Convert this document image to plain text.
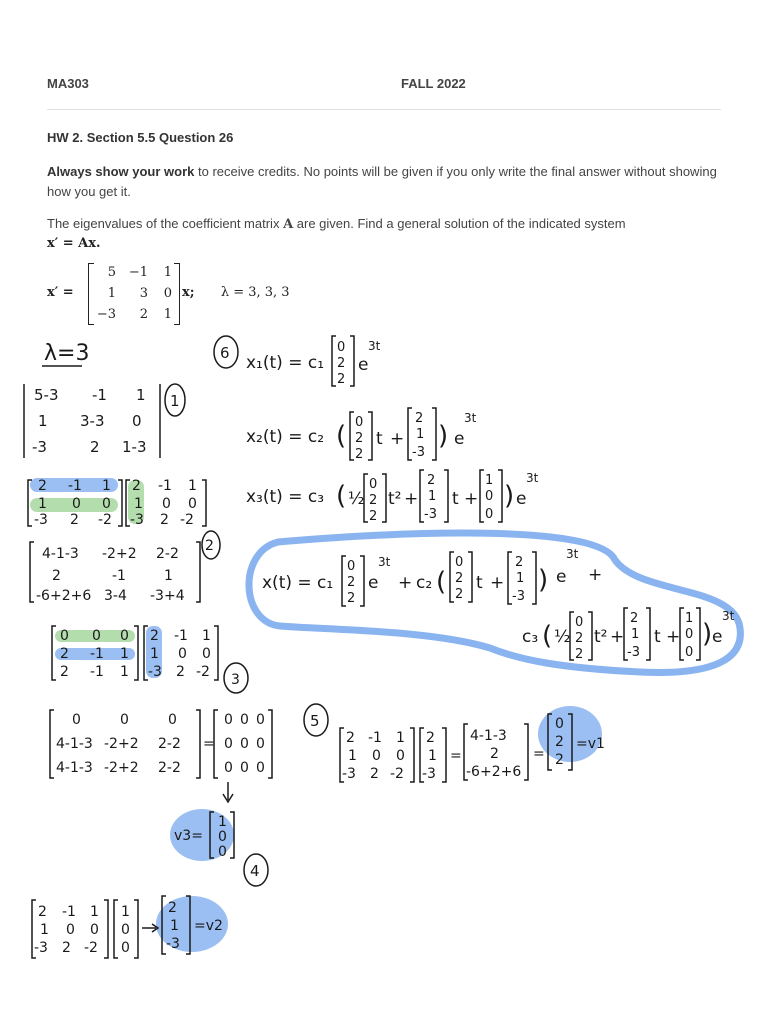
MA303	FALL 2022
HW 2. Section 5.5 Question 26
Always show your work to receive credits. No points will be given if you only write the final answer without showing how you get it.
The eigenvalues of the coefficient matrix A are given. Find a general solution of the indicated system
x′ = Ax.
x′ =
5 −1	1
1	3	0
−3	2	1
x; λ = 3, 3, 3
λ=3
5-3 -1 1
1 3-3 0
-3	2 1-3
1
2 -1 1
1 0 0
-3 2 -2
2 -1 1
1 0 0
-3 2 -2
4-1-3 -2+2 2-2
2	-1	1
-6+2+6 3-4 -3+4
2
0 0 0
2 -1 1
2 -1 1
2 -1 1
1 0 0
-3 2 -2 3
0	0	0
4-1-3 -2+2 2-2
4-1-3 -2+2 2-2
=
0 0 0
0 0 0
0 0 0
v3=
1
0
0
4
2 -1 1
1 0 0
-3 2 -2
1
0
0
2
1
-3
=v2
5
2 -1 1
1 0 0
-3 2 -2
2
1
-3
=
4-1-3
2
-6+2+6
=
0
2
2
=v1
6 x₁(t) = c₁
0
2
2
e
3t
x₂(t) = c₂ ( 0
2
2
t +
2
1
-3
) e
3t
x₃(t) = c₃ ( ½
0
2
2
t² +
2
1
-3
t +
1
0
0
) e
3t
x(t) = c₁
0
2
2
e
3t
+ c₂ (
0
2
2
t +
2
1
-3
) e
3t
+
c₃ ( ½
0
2
2
t² +
2
1
-3
t +
1
0
0
) e
3t
